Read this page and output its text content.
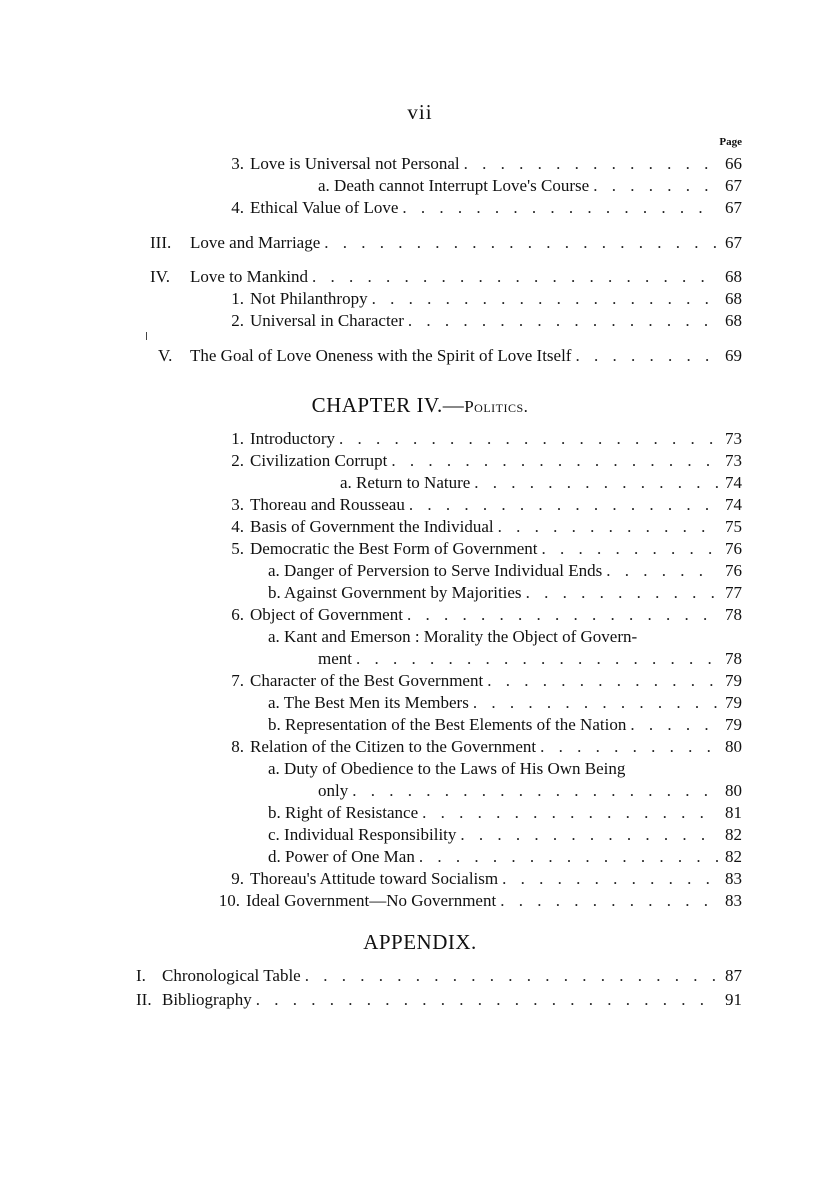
vii
Page
3. Love is Universal not Personal . . .	66
a. Death cannot Interrupt Love's Course . . .	67
4. Ethical Value of Love . . .	67
III.	Love and Marriage . . .	67
IV.	Love to Mankind . . .	68
1. Not Philanthropy . . .	68
2. Universal in Character . . .	68
V.	The Goal of Love Oneness with the Spirit of Love Itself . . .	69
CHAPTER IV.—Politics.
1. Introductory . . .	73
2. Civilization Corrupt . . .	73
a. Return to Nature . . .	74
3. Thoreau and Rousseau . . .	74
4. Basis of Government the Individual . . .	75
5. Democratic the Best Form of Government . . .	76
a. Danger of Perversion to Serve Individual Ends . . .	76
b. Against Government by Majorities . . .	77
6. Object of Government . . .	78
a. Kant and Emerson : Morality the Object of Govern-
ment . . .	78
7. Character of the Best Government . . .	79
a. The Best Men its Members . . .	79
b. Representation of the Best Elements of the Nation . . .	79
8. Relation of the Citizen to the Government . . .	80
a. Duty of Obedience to the Laws of His Own Being
only . . .	80
b. Right of Resistance . . .	81
c. Individual Responsibility . . .	82
d. Power of One Man . . .	82
9. Thoreau's Attitude toward Socialism . . .	83
10. Ideal Government—No Government . . .	83
APPENDIX.
I. Chronological Table . . .	87
II. Bibliography . . .	91
